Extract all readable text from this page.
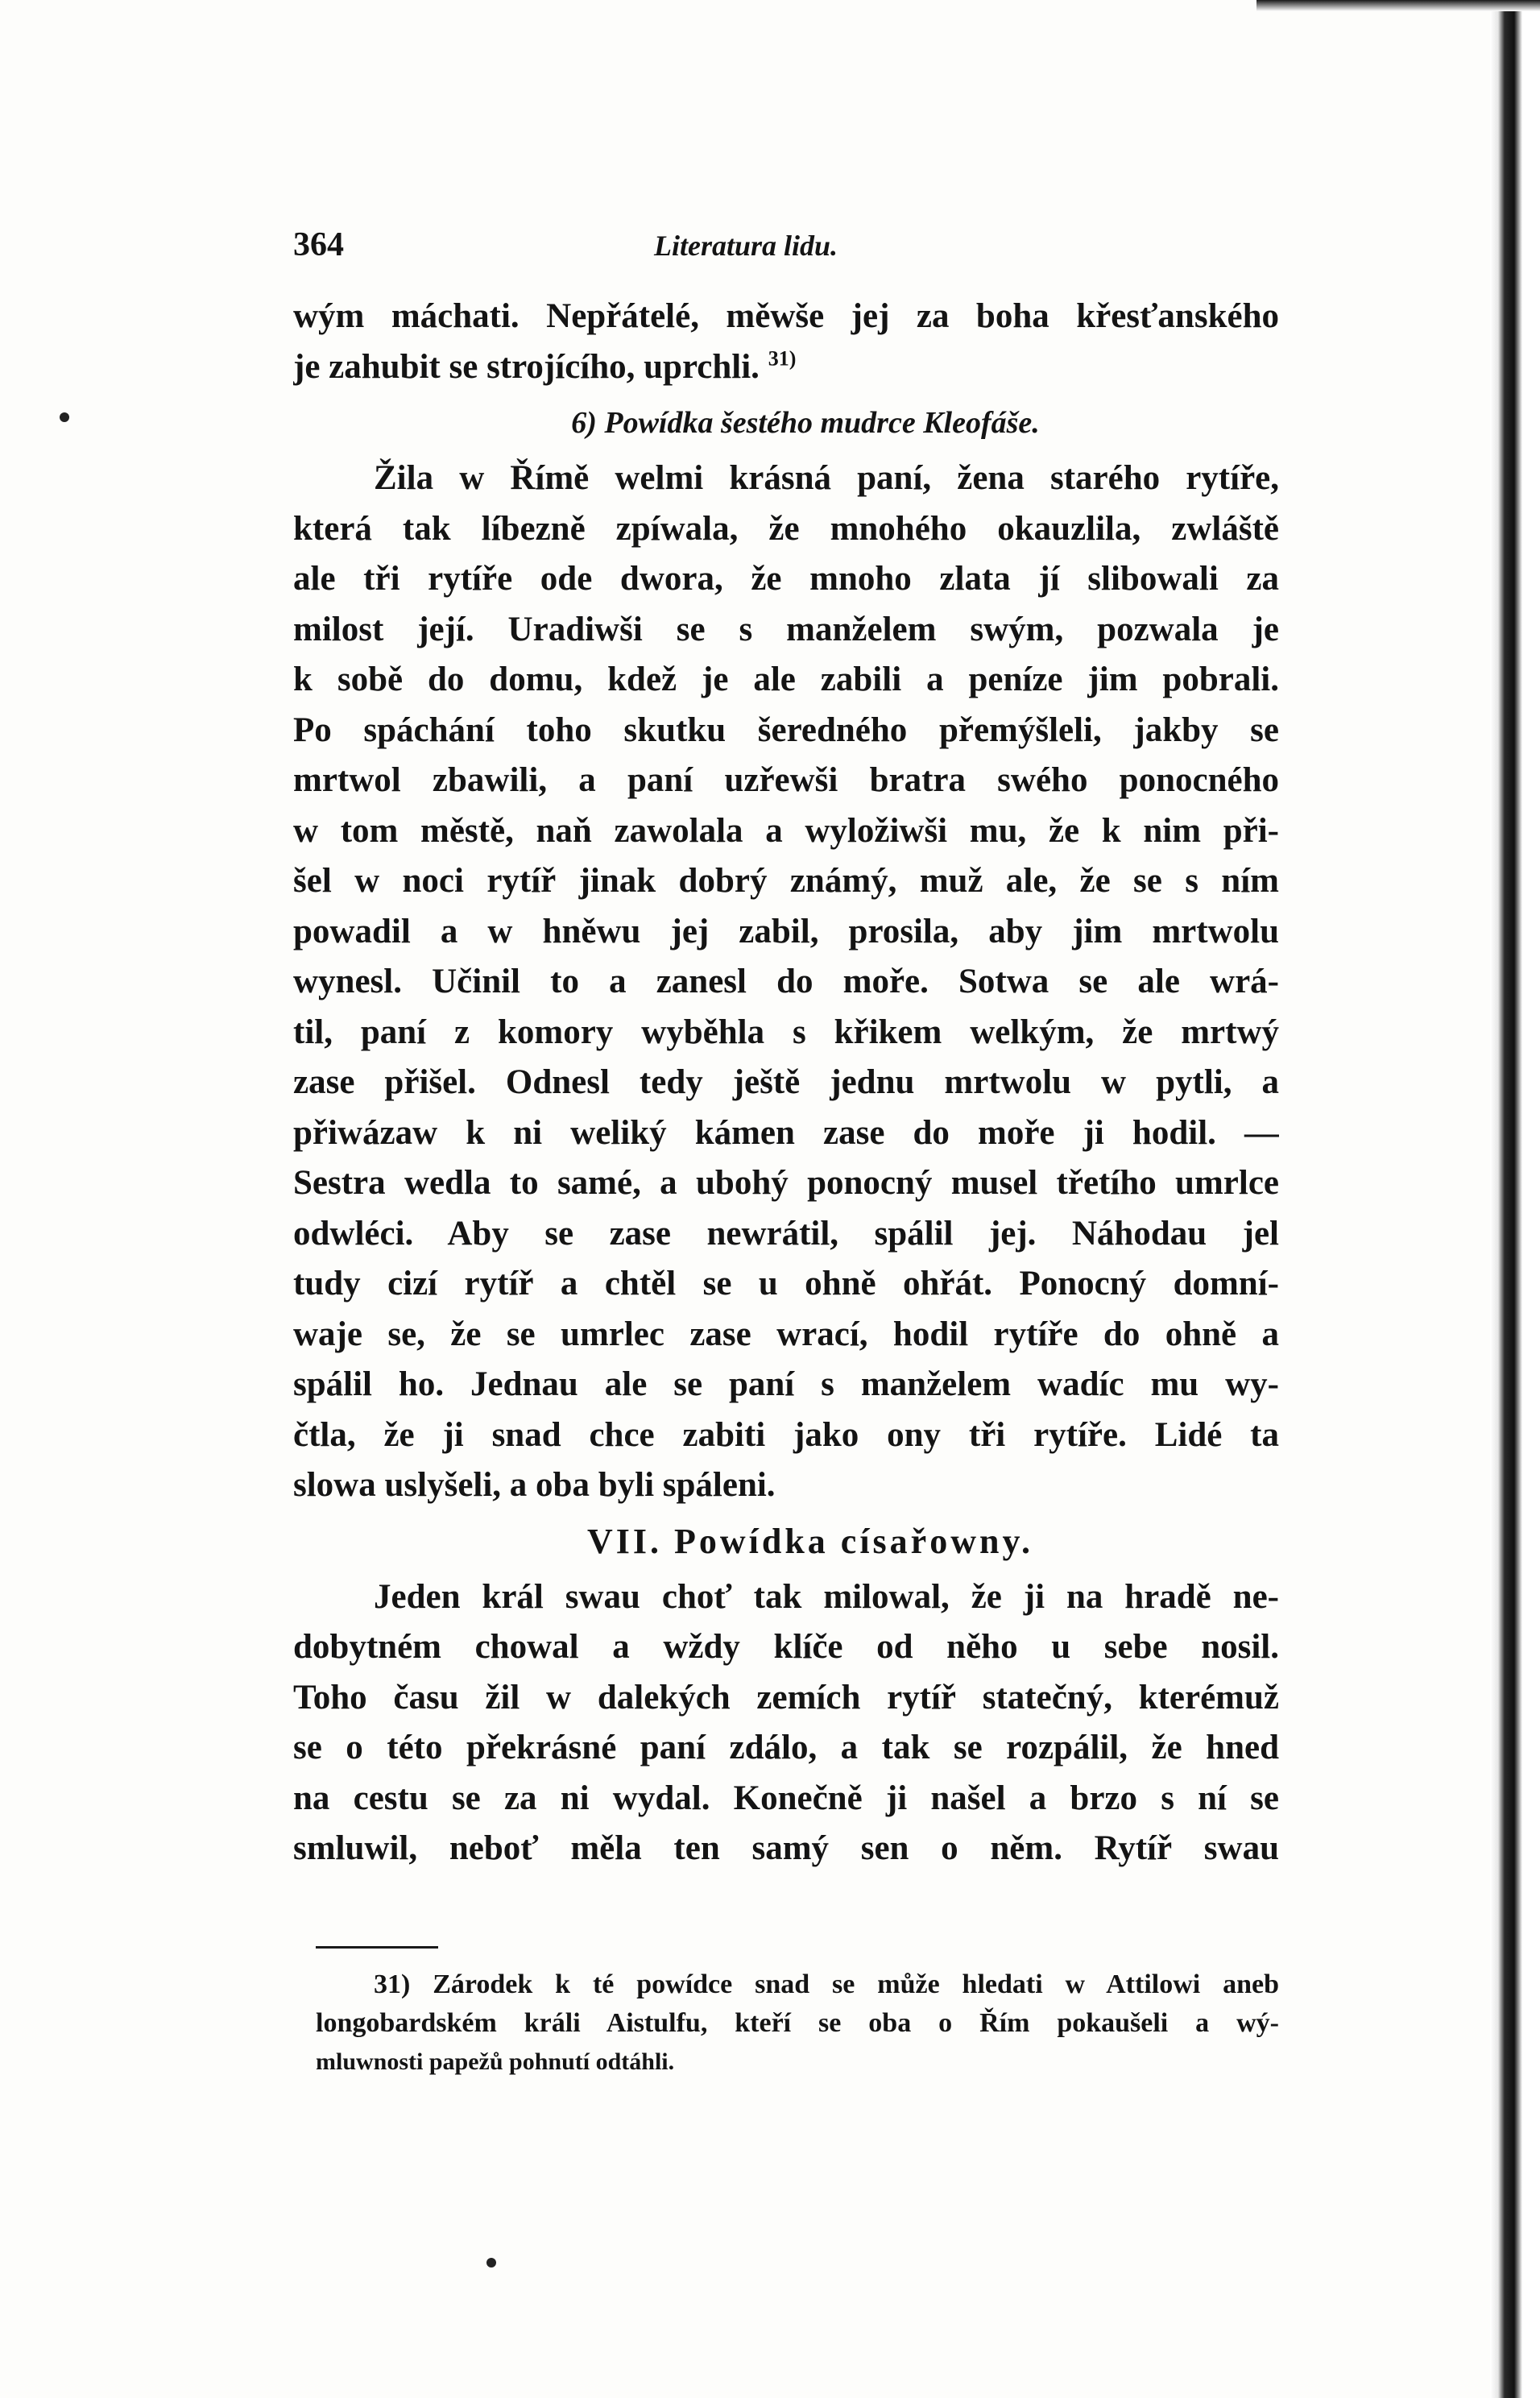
364	Literatura lidu.
wým máchati. Nepřátelé, měwše jej za boha křesťanského
je zahubit se strojícího, uprchli. $^{31)}$
6) Powídka šestého mudrce Kleofáše.
Žila w Římě welmi krásná paní, žena starého rytíře,
která tak líbezně zpíwala, že mnohého okauzlila, zwláště
ale tři rytíře ode dwora, že mnoho zlata jí slibowali za
milost její. Uradiwši se s manželem swým, pozwala je
k sobě do domu, kdež je ale zabili a peníze jim pobrali.
Po spáchání toho skutku šeredného přemýšleli, jakby se
mrtwol zbawili, a paní uzřewši bratra swého ponocného
w tom městě, naň zawolala a wyložiwši mu, že k nim při-
šel w noci rytíř jinak dobrý známý, muž ale, že se s ním
powadil a w hněwu jej zabil, prosila, aby jim mrtwolu
wynesl. Učinil to a zanesl do moře. Sotwa se ale wrá-
til, paní z komory wyběhla s křikem welkým, že mrtwý
zase přišel. Odnesl tedy ještě jednu mrtwolu w pytli, a
přiwázaw k ni weliký kámen zase do moře ji hodil. —
Sestra wedla to samé, a ubohý ponocný musel třetího umrlce
odwléci. Aby se zase newrátil, spálil jej. Náhodau jel
tudy cizí rytíř a chtěl se u ohně ohřát. Ponocný domní-
waje se, že se umrlec zase wrací, hodil rytíře do ohně a
spálil ho. Jednau ale se paní s manželem wadíc mu wy-
čtla, že ji snad chce zabiti jako ony tři rytíře. Lidé ta
slowa uslyšeli, a oba byli spáleni.
VII. Powídka císařowny.
Jeden král swau choť tak milowal, že ji na hradě ne-
dobytném chowal a wždy klíče od něho u sebe nosil.
Toho času žil w dalekých zemích rytíř statečný, kterémuž
se o této překrásné paní zdálo, a tak se rozpálil, že hned
na cestu se za ni wydal. Konečně ji našel a brzo s ní se
smluwil, neboť měla ten samý sen o něm. Rytíř swau
31) Zárodek k té powídce snad se může hledati w Attilowi aneb
longobardském králi Aistulfu, kteří se oba o Řím pokaušeli a wý-
mluwnosti papežů pohnutí odtáhli.
